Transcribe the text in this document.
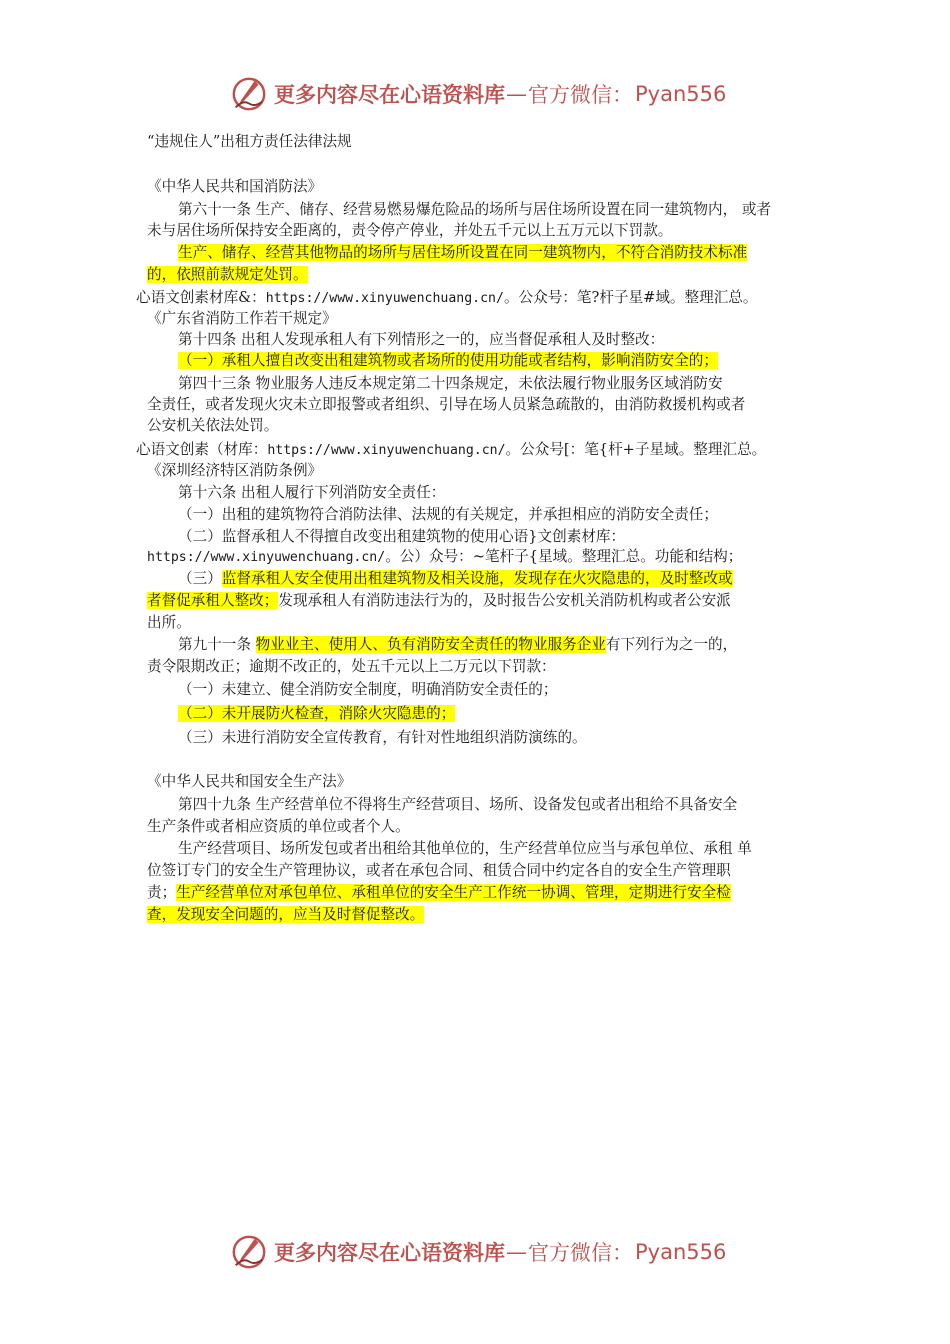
更多内容尽在心语资料库 — 官方微信： Pyan556
“违规住人”出租方责任法律法规
《中华人民共和国消防法》
第六十一条 生产、储存、经营易燃易爆危险品的场所与居住场所设置在同一建筑物内， 或者
未与居住场所保持安全距离的，责令停产停业，并处五千元以上五万元以下罚款。
生产、储存、经营其他物品的场所与居住场所设置在同一建筑物内，不符合消防技术标准
的，依照前款规定处罚。
心语文创素材库&：https://www.xinyuwenchuang.cn/。公众号：笔?杆子星#域。整理汇总。
《广东省消防工作若干规定》
第十四条 出租人发现承租人有下列情形之一的，应当督促承租人及时整改：
（一）承租人擅自改变出租建筑物或者场所的使用功能或者结构，影响消防安全的；
第四十三条 物业服务人违反本规定第二十四条规定，未依法履行物业服务区域消防安
全责任，或者发现火灾未立即报警或者组织、引导在场人员紧急疏散的，由消防救援机构或者
公安机关依法处罚。
心语文创素（材库：https://www.xinyuwenchuang.cn/。公众号[：笔{杆+子星域。整理汇总。
《深圳经济特区消防条例》
第十六条 出租人履行下列消防安全责任：
（一）出租的建筑物符合消防法律、法规的有关规定，并承担相应的消防安全责任；
（二）监督承租人不得擅自改变出租建筑物的使用心语}文创素材库：
https://www.xinyuwenchuang.cn/。公）众号：~笔杆子{星域。整理汇总。功能和结构；
（三）监督承租人安全使用出租建筑物及相关设施，发现存在火灾隐患的，及时整改或
者督促承租人整改；发现承租人有消防违法行为的，及时报告公安机关消防机构或者公安派
出所。
第九十一条 物业业主、使用人、负有消防安全责任的物业服务企业有下列行为之一的，
责令限期改正；逾期不改正的，处五千元以上二万元以下罚款：
（一）未建立、健全消防安全制度，明确消防安全责任的；
（二）未开展防火检查，消除火灾隐患的；
（三）未进行消防安全宣传教育，有针对性地组织消防演练的。
《中华人民共和国安全生产法》
第四十九条 生产经营单位不得将生产经营项目、场所、设备发包或者出租给不具备安全
生产条件或者相应资质的单位或者个人。
生产经营项目、场所发包或者出租给其他单位的，生产经营单位应当与承包单位、承租 单
位签订专门的安全生产管理协议，或者在承包合同、租赁合同中约定各自的安全生产管理职
责；生产经营单位对承包单位、承租单位的安全生产工作统一协调、管理，定期进行安全检
查，发现安全问题的，应当及时督促整改。
更多内容尽在心语资料库 — 官方微信： Pyan556
